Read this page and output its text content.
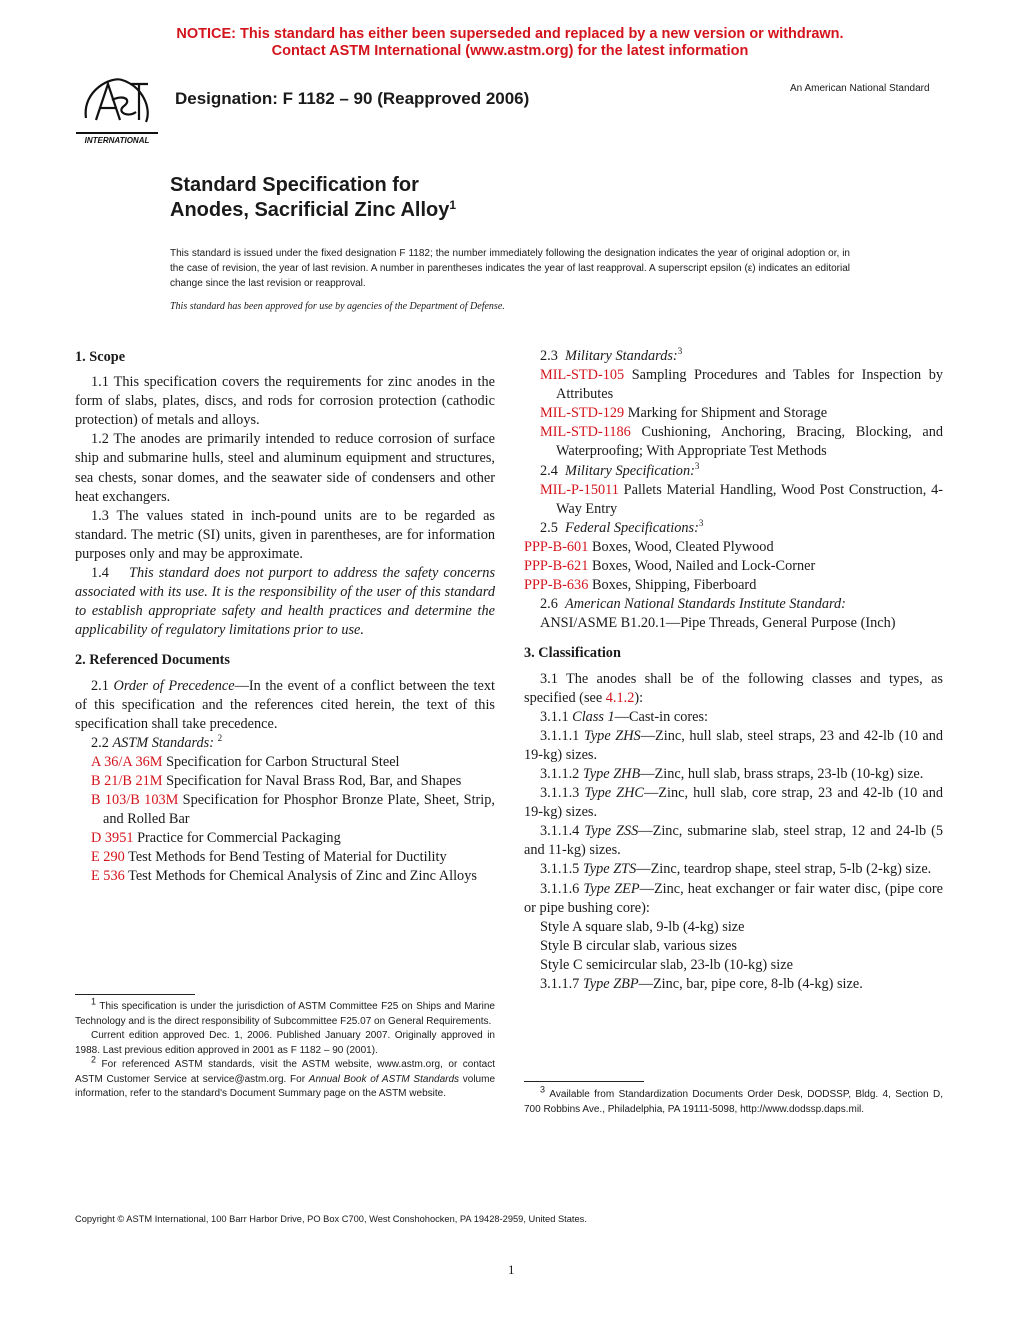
NOTICE: This standard has either been superseded and replaced by a new version or withdrawn.
Contact ASTM International (www.astm.org) for the latest information
INTERNATIONAL
Designation: F 1182 – 90 (Reapproved 2006)
An American National Standard
Standard Specification for
Anodes, Sacrificial Zinc Alloy$^1$
This standard is issued under the fixed designation F 1182; the number immediately following the designation indicates the year of original adoption or, in the case of revision, the year of last revision. A number in parentheses indicates the year of last reapproval. A superscript epsilon (ε) indicates an editorial change since the last revision or reapproval.
This standard has been approved for use by agencies of the Department of Defense.

1. Scope

1.1 This specification covers the requirements for zinc anodes in the form of slabs, plates, discs, and rods for corrosion protection (cathodic protection) of metals and alloys.

1.2 The anodes are primarily intended to reduce corrosion of surface ship and submarine hulls, steel and aluminum equipment and structures, sea chests, sonar domes, and the seawater side of condensers and other heat exchangers.

1.3 The values stated in inch-pound units are to be regarded as standard. The metric (SI) units, given in parentheses, are for information purposes only and may be approximate.

1.4 This standard does not purport to address the safety concerns associated with its use. It is the responsibility of the user of this standard to establish appropriate safety and health practices and determine the applicability of regulatory limitations prior to use.

2. Referenced Documents

2.1 Order of Precedence—In the event of a conflict between the text of this specification and the references cited herein, the text of this specification shall take precedence.

2.2 ASTM Standards: $^2$

A 36/A 36M Specification for Carbon Structural Steel

B 21/B 21M Specification for Naval Brass Rod, Bar, and Shapes

B 103/B 103M Specification for Phosphor Bronze Plate, Sheet, Strip, and Rolled Bar

D 3951 Practice for Commercial Packaging

E 290 Test Methods for Bend Testing of Material for Ductility

E 536 Test Methods for Chemical Analysis of Zinc and Zinc Alloys

$^1$ This specification is under the jurisdiction of ASTM Committee F25 on Ships and Marine Technology and is the direct responsibility of Subcommittee F25.07 on General Requirements.

Current edition approved Dec. 1, 2006. Published January 2007. Originally approved in 1988. Last previous edition approved in 2001 as F 1182 – 90 (2001).

$^2$ For referenced ASTM standards, visit the ASTM website, www.astm.org, or contact ASTM Customer Service at service@astm.org. For Annual Book of ASTM Standards volume information, refer to the standard's Document Summary page on the ASTM website.

2.3 Military Standards:$^3$

MIL-STD-105 Sampling Procedures and Tables for Inspection by Attributes

MIL-STD-129 Marking for Shipment and Storage

MIL-STD-1186 Cushioning, Anchoring, Bracing, Blocking, and Waterproofing; With Appropriate Test Methods

2.4 Military Specification:$^3$

MIL-P-15011 Pallets Material Handling, Wood Post Construction, 4-Way Entry

2.5 Federal Specifications:$^3$

PPP-B-601 Boxes, Wood, Cleated Plywood

PPP-B-621 Boxes, Wood, Nailed and Lock-Corner

PPP-B-636 Boxes, Shipping, Fiberboard

2.6 American National Standards Institute Standard:

ANSI/ASME B1.20.1—Pipe Threads, General Purpose (Inch)

3. Classification

3.1 The anodes shall be of the following classes and types, as specified (see 4.1.2):

3.1.1 Class 1—Cast-in cores:

3.1.1.1 Type ZHS—Zinc, hull slab, steel straps, 23 and 42-lb (10 and 19-kg) sizes.

3.1.1.2 Type ZHB—Zinc, hull slab, brass straps, 23-lb (10-kg) size.

3.1.1.3 Type ZHC—Zinc, hull slab, core strap, 23 and 42-lb (10 and 19-kg) sizes.

3.1.1.4 Type ZSS—Zinc, submarine slab, steel strap, 12 and 24-lb (5 and 11-kg) sizes.

3.1.1.5 Type ZTS—Zinc, teardrop shape, steel strap, 5-lb (2-kg) size.

3.1.1.6 Type ZEP—Zinc, heat exchanger or fair water disc, (pipe core or pipe bushing core):

Style A square slab, 9-lb (4-kg) size

Style B circular slab, various sizes

Style C semicircular slab, 23-lb (10-kg) size

3.1.1.7 Type ZBP—Zinc, bar, pipe core, 8-lb (4-kg) size.

$^3$ Available from Standardization Documents Order Desk, DODSSP, Bldg. 4, Section D, 700 Robbins Ave., Philadelphia, PA 19111-5098, http://www.dodssp.daps.mil.

Copyright © ASTM International, 100 Barr Harbor Drive, PO Box C700, West Conshohocken, PA 19428-2959, United States.
1
